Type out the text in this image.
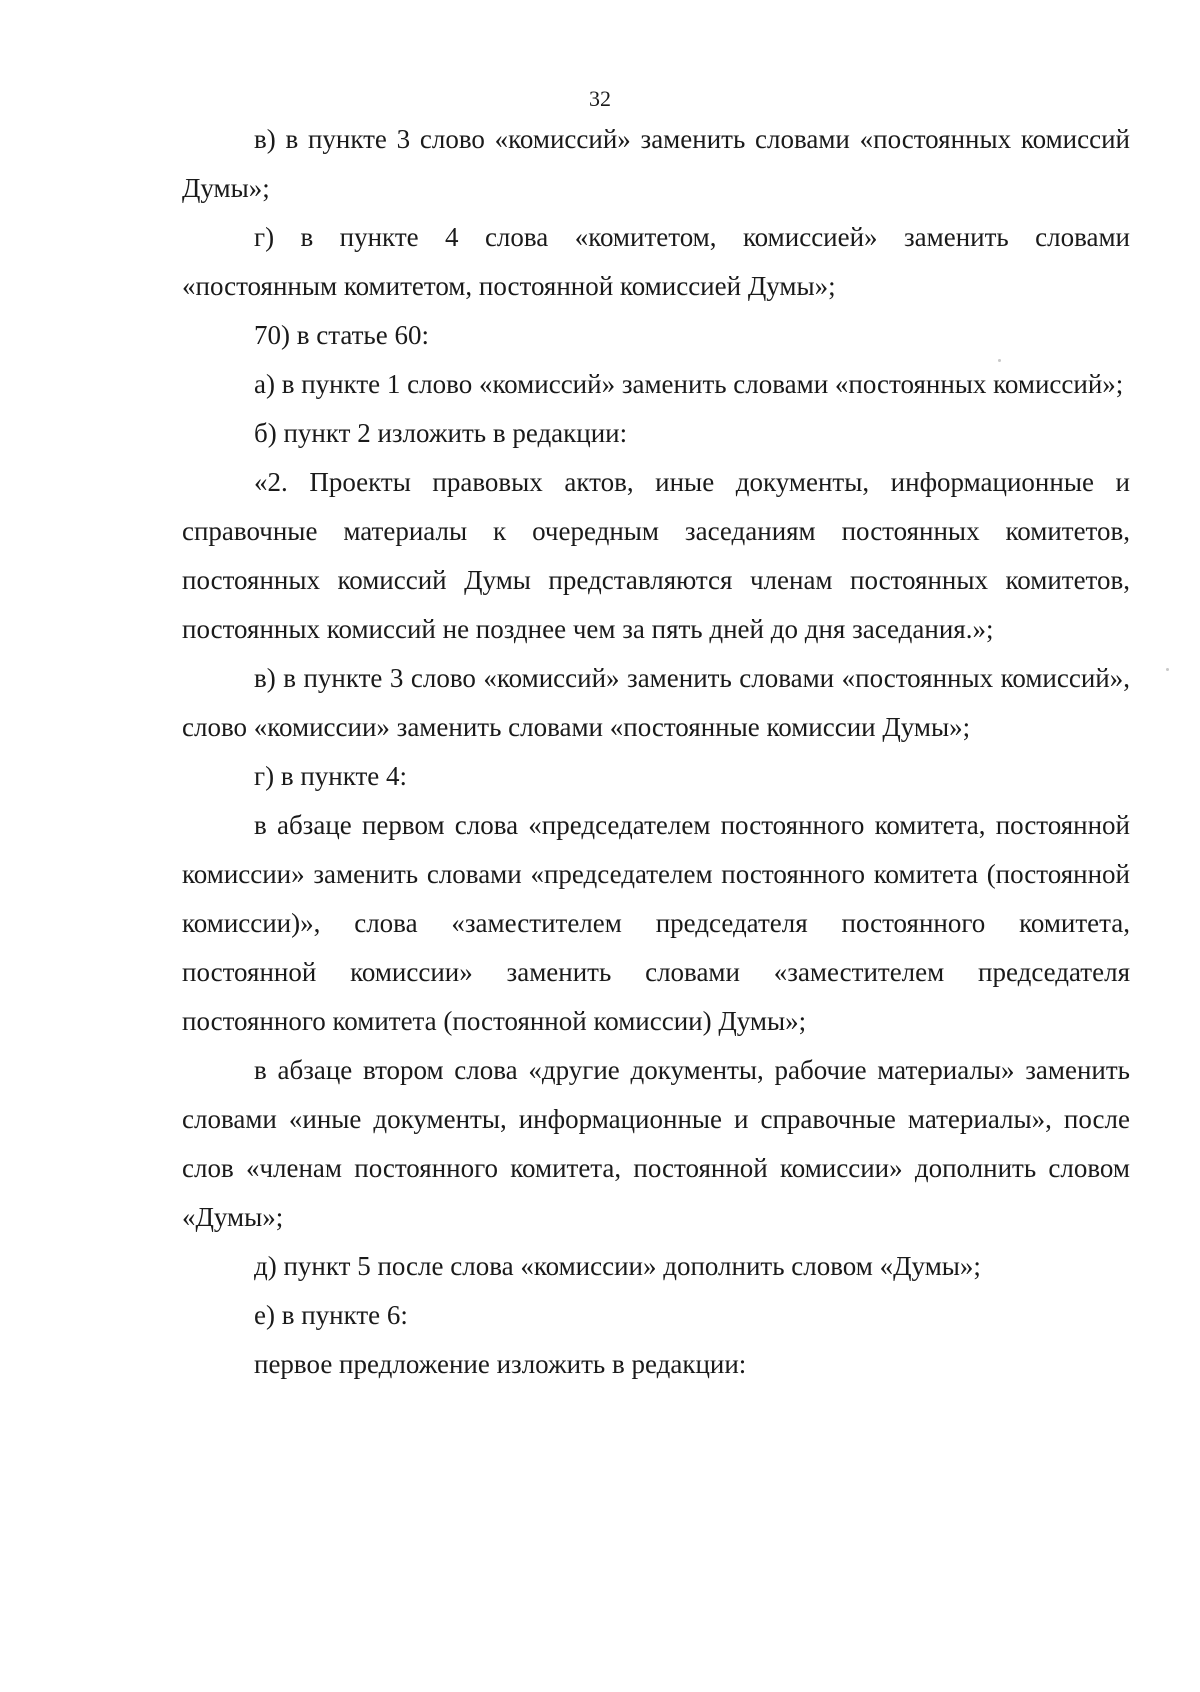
32

в) в пункте 3 слово «комиссий» заменить словами «постоянных комиссий Думы»;

г) в пункте 4 слова «комитетом, комиссией» заменить словами «постоянным комитетом, постоянной комиссией Думы»;

70) в статье 60:

а) в пункте 1 слово «комиссий» заменить словами «постоянных комиссий»;

б) пункт 2 изложить в редакции:

«2. Проекты правовых актов, иные документы, информационные и справочные материалы к очередным заседаниям постоянных комитетов, постоянных комиссий Думы представляются членам постоянных комитетов, постоянных комиссий не позднее чем за пять дней до дня заседания.»;

в) в пункте 3 слово «комиссий» заменить словами «постоянных комиссий», слово «комиссии» заменить словами «постоянные комиссии Думы»;

г) в пункте 4:

в абзаце первом слова «председателем постоянного комитета, постоянной комиссии» заменить словами «председателем постоянного комитета (постоянной комиссии)», слова «заместителем председателя постоянного комитета, постоянной комиссии» заменить словами «заместителем председателя постоянного комитета (постоянной комиссии) Думы»;

в абзаце втором слова «другие документы, рабочие материалы» заменить словами «иные документы, информационные и справочные материалы», после слов «членам постоянного комитета, постоянной комиссии» дополнить словом «Думы»;

д) пункт 5 после слова «комиссии» дополнить словом «Думы»;

е) в пункте 6:

первое предложение изложить в редакции:
